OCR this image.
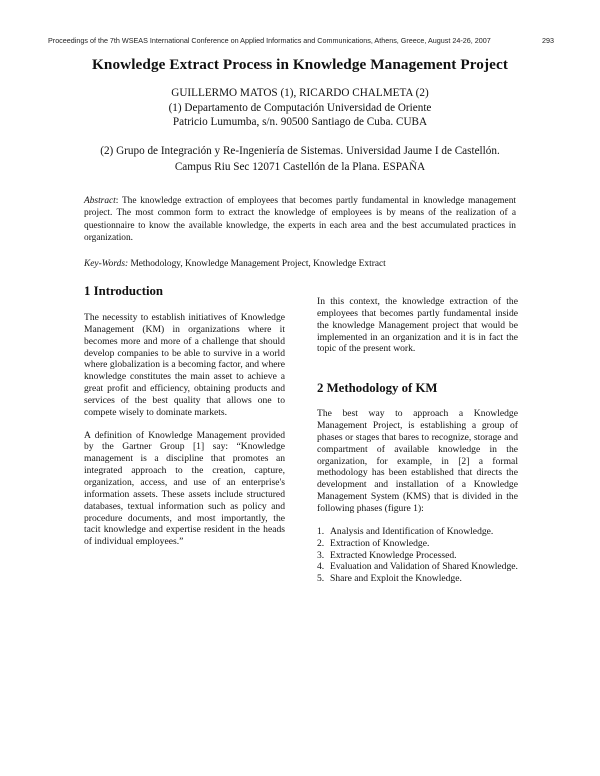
Proceedings of the 7th WSEAS International Conference on Applied Informatics and Communications, Athens, Greece, August 24-26, 2007	293
Knowledge Extract Process in Knowledge Management Project
GUILLERMO MATOS (1), RICARDO CHALMETA (2)
(1) Departamento de Computación Universidad de Oriente
Patricio Lumumba, s/n. 90500 Santiago de Cuba. CUBA
(2) Grupo de Integración y Re-Ingeniería de Sistemas. Universidad Jaume I de Castellón.
Campus Riu Sec 12071 Castellón de la Plana. ESPAÑA
Abstract: The knowledge extraction of employees that becomes partly fundamental in knowledge management project. The most common form to extract the knowledge of employees is by means of the realization of a questionnaire to know the available knowledge, the experts in each area and the best accumulated practices in organization.
Key-Words: Methodology, Knowledge Management Project, Knowledge Extract
1 Introduction

The necessity to establish initiatives of Knowledge Management (KM) in organizations where it becomes more and more of a challenge that should develop companies to be able to survive in a world where globalization is a becoming factor, and where knowledge constitutes the main asset to achieve a great profit and efficiency, obtaining products and services of the best quality that allows one to compete wisely to dominate markets.

A definition of Knowledge Management provided by the Gartner Group [1] say: “Knowledge management is a discipline that promotes an integrated approach to the creation, capture, organization, access, and use of an enterprise's information assets. These assets include structured databases, textual information such as policy and procedure documents, and most importantly, the tacit knowledge and expertise resident in the heads of individual employees.”

In this context, the knowledge extraction of the employees that becomes partly fundamental inside the knowledge Management project that would be implemented in an organization and it is in fact the topic of the present work.

2 Methodology of KM

The best way to approach a Knowledge Management Project, is establishing a group of phases or stages that bares to recognize, storage and compartment of available knowledge in the organization, for example, in [2] a formal methodology has been established that directs the development and installation of a Knowledge Management System (KMS) that is divided in the following phases (figure 1):

1. Analysis and Identification of Knowledge.
2. Extraction of Knowledge.
3. Extracted Knowledge Processed.
4. Evaluation and Validation of Shared Knowledge.
5. Share and Exploit the Knowledge.
